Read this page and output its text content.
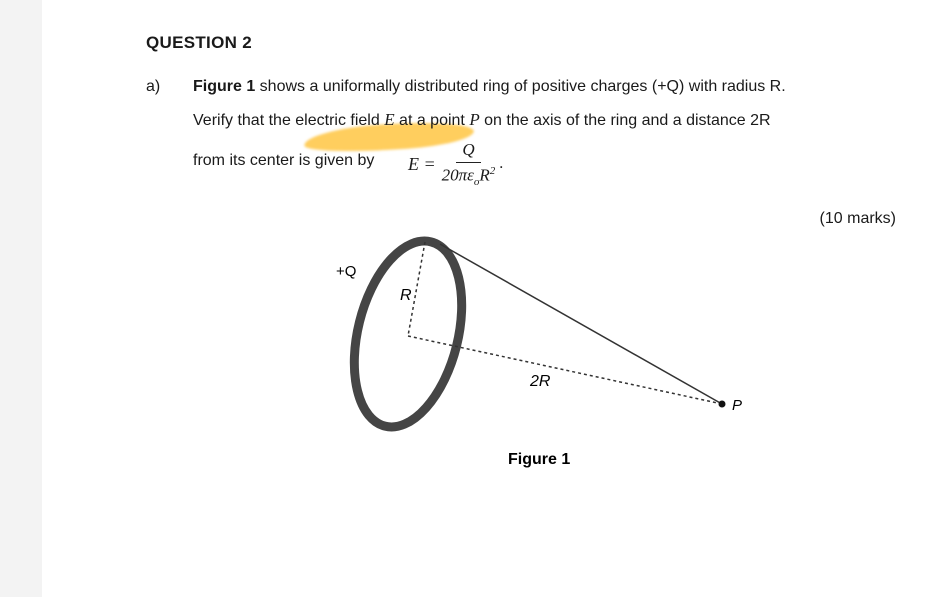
QUESTION 2
a) Figure 1 shows a uniformally distributed ring of positive charges (+Q) with radius R.
Verify that the electric field E at a point P on the axis of the ring and a distance 2R
from its center is given by $E = \frac{Q}{20\pi\varepsilon_oR^2}$ .
(10 marks)
+Q
R
2R
P
Figure 1
